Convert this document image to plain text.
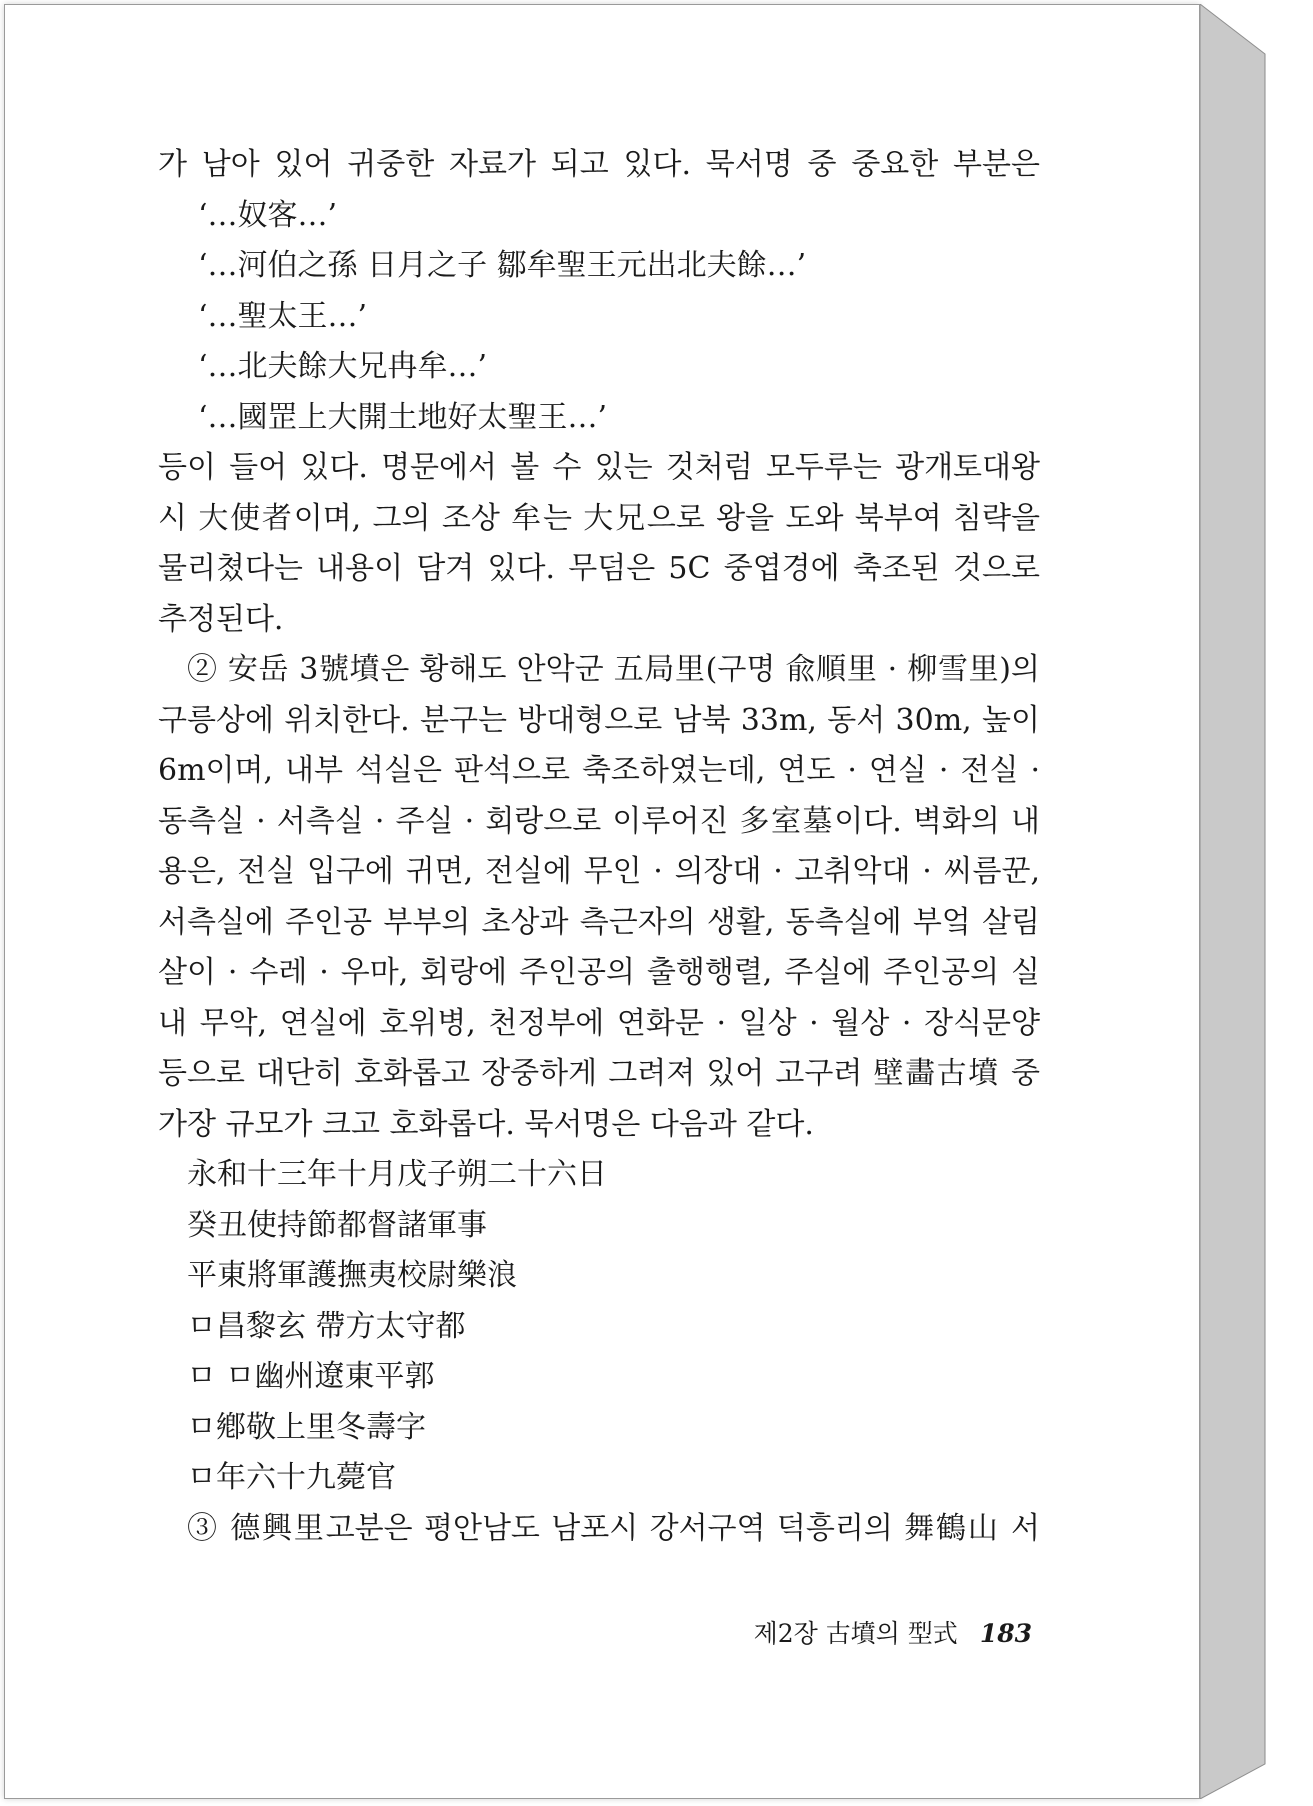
가 남아 있어 귀중한 자료가 되고 있다. 묵서명 중 중요한 부분은
‘…奴客…’
‘…河伯之孫 日月之子 鄒牟聖王元出北夫餘…’
‘…聖太王…’
‘…北夫餘大兄冉牟…’
‘…國罡上大開土地好太聖王…’
등이 들어 있다. 명문에서 볼 수 있는 것처럼 모두루는 광개토대왕
시 大使者이며, 그의 조상 牟는 大兄으로 왕을 도와 북부여 침략을
물리쳤다는 내용이 담겨 있다. 무덤은 5C 중엽경에 축조된 것으로
추정된다.
② 安岳 3號墳은 황해도 안악군 五局里(구명 兪順里 · 柳雪里)의
구릉상에 위치한다. 분구는 방대형으로 남북 33m, 동서 30m, 높이
6m이며, 내부 석실은 판석으로 축조하였는데, 연도 · 연실 · 전실 ·
동측실 · 서측실 · 주실 · 회랑으로 이루어진 多室墓이다. 벽화의 내
용은, 전실 입구에 귀면, 전실에 무인 · 의장대 · 고취악대 · 씨름꾼,
서측실에 주인공 부부의 초상과 측근자의 생활, 동측실에 부엌 살림
살이 · 수레 · 우마, 회랑에 주인공의 출행행렬, 주실에 주인공의 실
내 무악, 연실에 호위병, 천정부에 연화문 · 일상 · 월상 · 장식문양
등으로 대단히 호화롭고 장중하게 그려져 있어 고구려 壁畵古墳 중
가장 규모가 크고 호화롭다. 묵서명은 다음과 같다.
永和十三年十月戊子朔二十六日
癸丑使持節都督諸軍事
平東將軍護撫夷校尉樂浪
ㅁ昌黎玄 帶方太守都
ㅁ ㅁ幽州遼東平郭
ㅁ鄕敬上里冬壽字
ㅁ年六十九薨官
③ 德興里고분은 평안남도 남포시 강서구역 덕흥리의 舞鶴山 서
제2장 古墳의 型式 183
